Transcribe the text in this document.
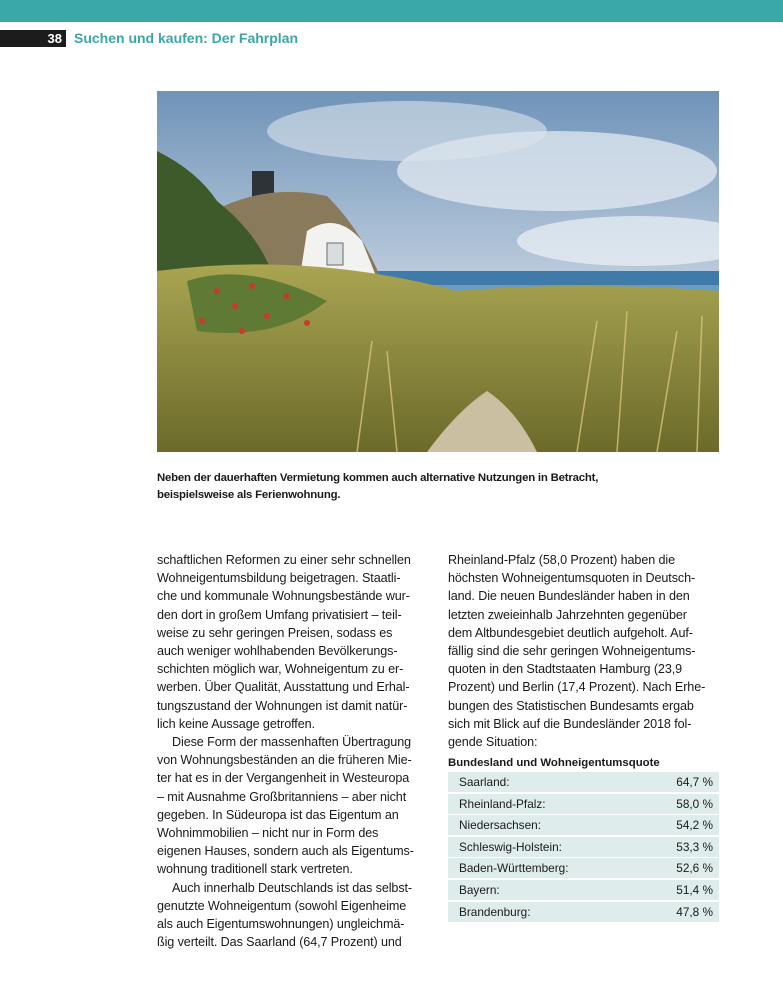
38 Suchen und kaufen: Der Fahrplan
Neben der dauerhaften Vermietung kommen auch alternative Nutzungen in Betracht,
beispielsweise als Ferienwohnung.
schaftlichen Reformen zu einer sehr schnellen
Wohneigentumsbildung beigetragen. Staatli-
che und kommunale Wohnungsbestände wur-
den dort in großem Umfang privatisiert – teil-
weise zu sehr geringen Preisen, sodass es
auch weniger wohlhabenden Bevölkerungs-
schichten möglich war, Wohneigentum zu er-
werben. Über Qualität, Ausstattung und Erhal-
tungszustand der Wohnungen ist damit natür-
lich keine Aussage getroffen.
Diese Form der massenhaften Übertragung
von Wohnungsbeständen an die früheren Mie-
ter hat es in der Vergangenheit in Westeuropa
– mit Ausnahme Großbritanniens – aber nicht
gegeben. In Südeuropa ist das Eigentum an
Wohnimmobilien – nicht nur in Form des
eigenen Hauses, sondern auch als Eigentums-
wohnung traditionell stark vertreten.
Auch innerhalb Deutschlands ist das selbst-
genutzte Wohneigentum (sowohl Eigenheime
als auch Eigentumswohnungen) ungleichmä-
ßig verteilt. Das Saarland (64,7 Prozent) und
Rheinland-Pfalz (58,0 Prozent) haben die
höchsten Wohneigentumsquoten in Deutsch-
land. Die neuen Bundesländer haben in den
letzten zweieinhalb Jahrzehnten gegenüber
dem Altbundesgebiet deutlich aufgeholt. Auf-
fällig sind die sehr geringen Wohneigentums-
quoten in den Stadtstaaten Hamburg (23,9
Prozent) und Berlin (17,4 Prozent). Nach Erhe-
bungen des Statistischen Bundesamts ergab
sich mit Blick auf die Bundesländer 2018 fol-
gende Situation:
Bundesland und Wohneigentumsquote
Saarland:	64,7 %
Rheinland-Pfalz:	58,0 %
Niedersachsen:	54,2 %
Schleswig-Holstein:	53,3 %
Baden-Württemberg:	52,6 %
Bayern:	51,4 %
Brandenburg:	47,8 %
